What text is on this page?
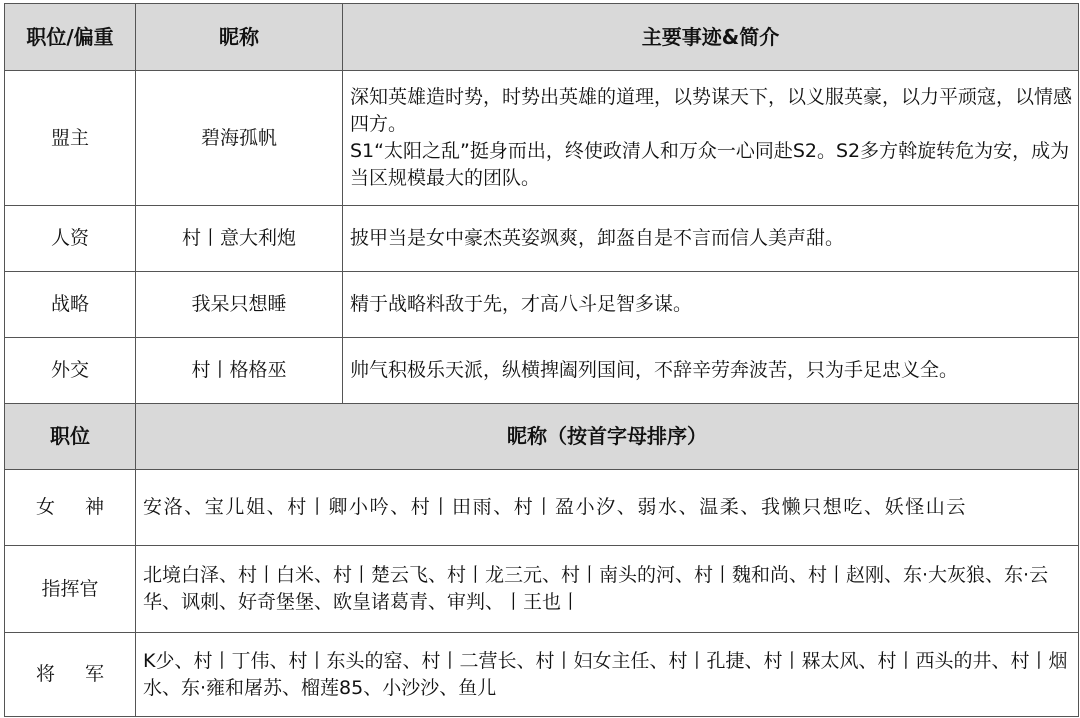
职位/偏重	昵称	主要事迹&简介
盟主	碧海孤帆	深知英雄造时势，时势出英雄的道理，以势谋天下，以义服英豪，以力平顽寇，以情感四方。
S1“太阳之乱”挺身而出，终使政清人和万众一心同赴S2。S2多方斡旋转危为安，成为当区规模最大的团队。
人资	村丨意大利炮	披甲当是女中豪杰英姿飒爽，卸盔自是不言而信人美声甜。
战略	我呆只想睡	精于战略料敌于先，才高八斗足智多谋。
外交	村丨格格巫	帅气积极乐天派，纵横捭阖列国间，不辞辛劳奔波苦，只为手足忠义全。
职位	昵称（按首字母排序）	
女 神	安洛、宝儿姐、村丨卿小吟、村丨田雨、村丨盈小汐、弱水、温柔、我懒只想吃、妖怪山云	
指挥官	北境白泽、村丨白米、村丨楚云飞、村丨龙三元、村丨南头的河、村丨魏和尚、村丨赵刚、东·大灰狼、东·云华、讽刺、好奇堡堡、欧皇诸葛青、审判、丨王也丨	
将 军	K少、村丨丁伟、村丨东头的窑、村丨二营长、村丨妇女主任、村丨孔捷、村丨槑太风、村丨西头的井、村丨烟水、东·雍和屠苏、榴莲85、小沙沙、鱼儿	
